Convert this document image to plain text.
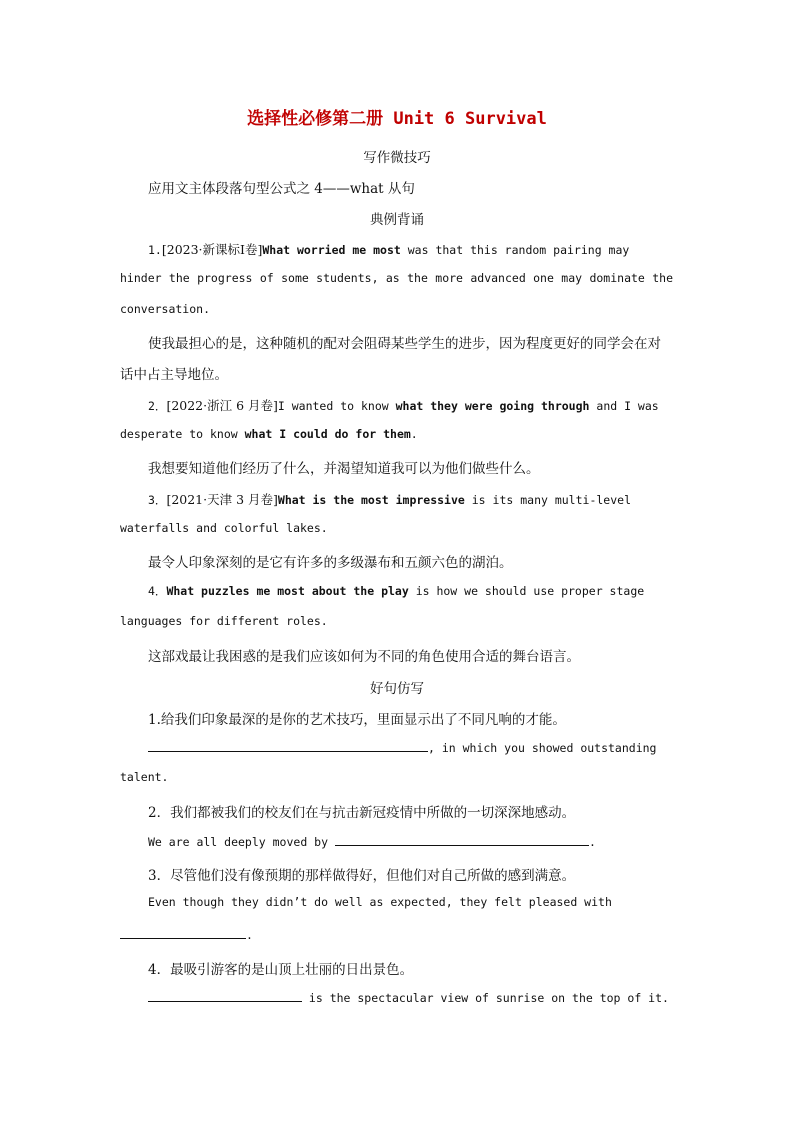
选择性必修第二册 Unit 6 Survival
写作微技巧
应用文主体段落句型公式之 4——what 从句
典例背诵
1.[2023·新课标Ⅰ卷]What worried me most was that this random pairing may
hinder the progress of some students, as the more advanced one may dominate the
conversation.
使我最担心的是，这种随机的配对会阻碍某些学生的进步，因为程度更好的同学会在对
话中占主导地位。
2．[2022·浙江 6 月卷]I wanted to know what they were going through and I was
desperate to know what I could do for them.
我想要知道他们经历了什么，并渴望知道我可以为他们做些什么。
3．[2021·天津 3 月卷]What is the most impressive is its many multi-level
waterfalls and colorful lakes.
最令人印象深刻的是它有许多的多级瀑布和五颜六色的湖泊。
4．What puzzles me most about the play is how we should use proper stage
languages for different roles.
这部戏最让我困惑的是我们应该如何为不同的角色使用合适的舞台语言。
好句仿写
1.给我们印象最深的是你的艺术技巧，里面显示出了不同凡响的才能。
, in which you showed outstanding
talent.
2．我们都被我们的校友们在与抗击新冠疫情中所做的一切深深地感动。
We are all deeply moved by	.
3．尽管他们没有像预期的那样做得好，但他们对自己所做的感到满意。
Even though they didn’t do well as expected, they felt pleased with
.
4．最吸引游客的是山顶上壮丽的日出景色。
is the spectacular view of sunrise on the top of it.
